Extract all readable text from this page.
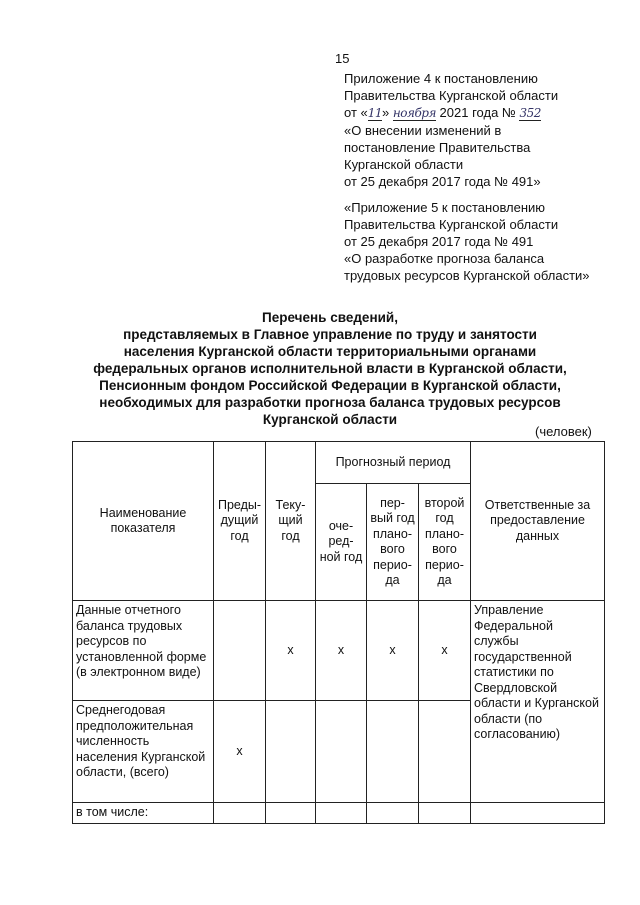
15
Приложение 4 к постановлению
Правительства Курганской области
от «11
» ноября 2021 года № 352
«О внесении изменений в
постановление Правительства
Курганской области
от 25 декабря 2017 года № 491»
«Приложение 5 к постановлению
Правительства Курганской области
от 25 декабря 2017 года № 491
«О разработке прогноза баланса
трудовых ресурсов Курганской области»
Перечень сведений,
представляемых в Главное управление по труду и занятости
населения Курганской области территориальными органами
федеральных органов исполнительной власти в Курганской области,
Пенсионным фондом Российской Федерации в Курганской области,
необходимых для разработки прогноза баланса трудовых ресурсов
Курганской области
(человек)
Наименование показателя	Преды-дущий год	Теку-щий год	Прогнозный период			Ответственные за предоставление данных
			оче-ред-ной год	пер-вый год плано-вого перио-да	второй год плано-вого перио-да	
Данные отчетного баланса трудовых ресурсов по установленной форме (в электронном виде)		x	x	x	x	Управление Федеральной службы государственной статистики по Свердловской области и Курганской области (по согласованию)
Среднегодовая предположительная численность населения Курганской области, (всего)	x					
в том числе:						
